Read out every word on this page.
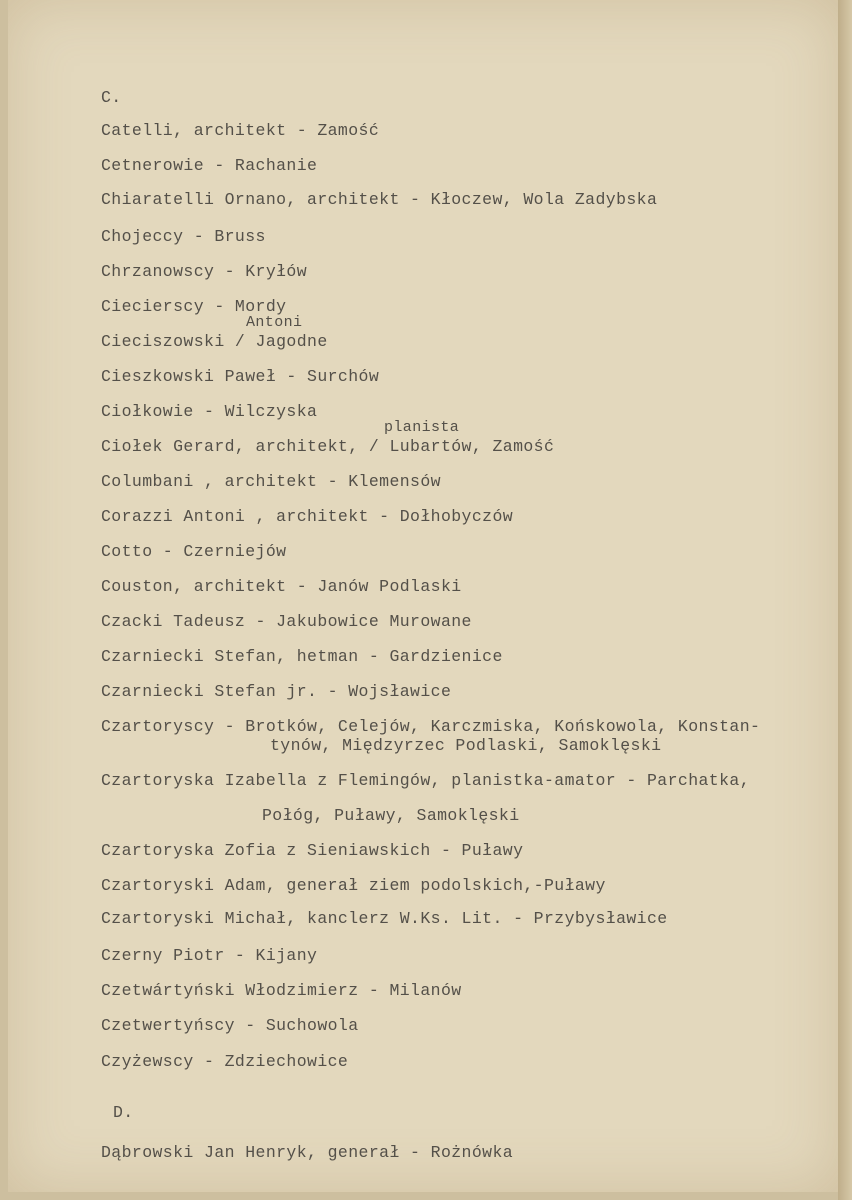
C.
Catelli, architekt - Zamość
Cetnerowie - Rachanie
Chiaratelli Ornano, architekt - Kłoczew, Wola Zadybska
Chojeccy - Bruss
Chrzanowscy - Kryłów
Ciecierscy - Mordy
Antoni
Cieciszowski / Jagodne
Cieszkowski Paweł - Surchów
Ciołkowie - Wilczyska
planista
Ciołek Gerard, architekt, / Lubartów, Zamość
Columbani , architekt - Klemensów
Corazzi Antoni , architekt - Dołhobyczów
Cotto - Czerniejów
Couston, architekt - Janów Podlaski
Czacki Tadeusz - Jakubowice Murowane
Czarniecki Stefan, hetman - Gardzienice
Czarniecki Stefan jr. - Wojsławice
Czartoryscy - Brotków, Celejów, Karczmiska, Końskowola, Konstan-
tynów, Międzyrzec Podlaski, Samoklęski
Czartoryska Izabella z Flemingów, planistka-amator - Parchatka,
Połóg, Puławy, Samoklęski
Czartoryska Zofia z Sieniawskich - Puławy
Czartoryski Adam, generał ziem podolskich,-Puławy
Czartoryski Michał, kanclerz W.Ks. Lit. - Przybysławice
Czerny Piotr - Kijany
Czetwártyński Włodzimierz - Milanów
Czetwertyńscy - Suchowola
Czyżewscy - Zdziechowice
D.
Dąbrowski Jan Henryk, generał - Rożnówka
